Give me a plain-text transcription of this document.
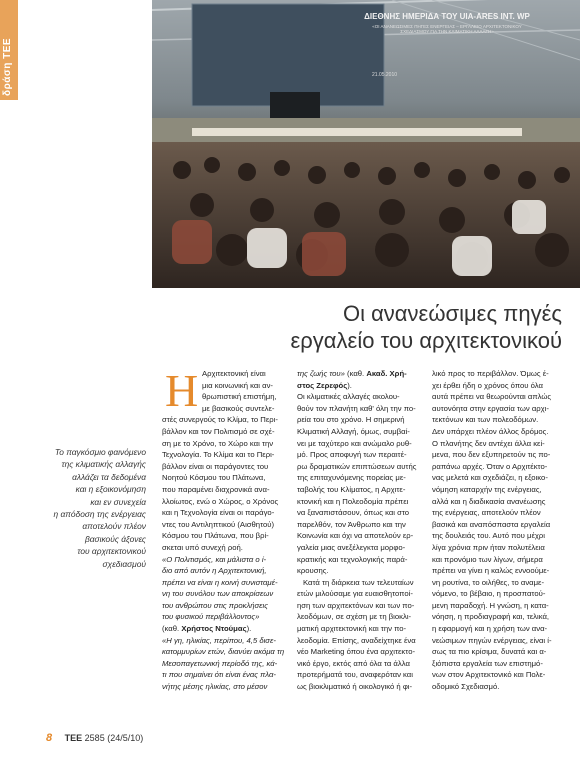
δράση ΤΕΕ
ΔΙΕΘΝΗΣ ΗΜΕΡΙΔΑ ΤΟΥ UIA-ARES INT. WP
«ΟΙ ΑΝΑΝΕΩΣΙΜΕΣ ΠΗΓΕΣ ΕΝΕΡΓΕΙΑΣ – ΕΡΓΑΛΕΙΟ ΑΡΧΙΤΕΚΤΟΝΙΚΟΥ ΣΧΕΔΙΑΣΜΟΥ ΓΙΑ ΤΗΝ ΚΛΙΜΑΤΙΚΗ ΑΛΛΑΓΗ»
21.05.2010
Οι ανανεώσιμες πηγές
εργαλείο του αρχιτεκτονικού
Το παγκόσμιο φαινόμενο
της κλιματικής αλλαγής
αλλάζει τα δεδομένα
και η εξοικονόμηση
και εν συνεχεία
η απόδοση της ενέργειας
αποτελούν πλέον
βασικούς άξονες
του αρχιτεκτονικού
σχεδιασμού
Η Αρχιτεκτονική είναι
μια κοινωνική και αν-
θρωπιστική επιστήμη,
με βασικούς συντελε-
στές συνεργούς το Κλίμα, το Περι-
βάλλον και τον Πολιτισμό σε σχέ-
ση με το Χρόνο, το Χώρο και την
Τεχνολογία. Το Κλίμα και το Περι-
βάλλον είναι οι παράγοντες του
Νοητού Κόσμου του Πλάτωνα,
που παραμένει διαχρονικά ανα-
λλοίωτος, ενώ ο Χώρος, ο Χρόνος
και η Τεχνολογία είναι οι παράγο-
ντες του Αντιληπτικού (Αισθητού)
Κόσμου του Πλάτωνα, που βρί-
σκεται υπό συνεχή ροή.
«Ο Πολιτισμός, και μάλιστα ο ί-
διο από αυτόν η Αρχιτεκτονική,
πρέπει να είναι η κοινή συνισταμέ-
νη του συνόλου των αποκρίσεων
του ανθρώπου στις προκλήσεις
του φυσικού περιβάλλοντος»
(καθ. Χρήστος Ντούμας).
«Η γη, ηλικίας, περίπου, 4,5 δισε-
κατομμυρίων ετών, διανύει ακόμα τη
Μεσοπαγετωνική περίοδό της, κά-
τι που σημαίνει ότι είναι ένας πλα-
νήτης μέσης ηλικίας, στο μέσον
της ζωής του» (καθ. Ακαδ. Χρή-
στος Ζερεφός).
Οι κλιματικές αλλαγές ακολου-
θούν τον πλανήτη καθ' όλη την πο-
ρεία του στο χρόνο. Η σημερινή
Κλιματική Αλλαγή, όμως, συμβαί-
νει με ταχύτερο και ανώμαλο ρυθ-
μό. Προς αποφυγή των περαιτέ-
ρω δραματικών επιπτώσεων αυτής
της επιταχυνόμενης πορείας με-
ταβολής του Κλίματος, η Αρχιτε-
κτονική και η Πολεοδομία πρέπει
να ξαναπιστάσουν, όπως και στο
παρελθόν, τον Άνθρωπο και την
Κοινωνία και όχι να αποτελούν ερ-
γαλεία μιας ανεξέλεγκτα μορφο-
κρατικής και τεχνολογικής παρά-
κρουσης.
Κατά τη διάρκεια των τελευταίων
ετών μιλούσαμε για ευαισθητοποί-
ηση των αρχιτεκτόνων και των πο-
λεοδόμων, σε σχέση με τη βιοκλι-
ματική αρχιτεκτονική και την πο-
λεοδομία. Επίσης, αναδείχτηκε ένα
νέο Marketing όπου ένα αρχιτεκτο-
νικό έργο, εκτός από όλα τα άλλα
προτερήματά του, αναφερόταν και
ως βιοκλιματικό ή οικολογικό ή φι-
λικό προς το περιβάλλον. Όμως έ-
χει έρθει ήδη ο χρόνος όπου όλα
αυτά πρέπει να θεωρούνται απλώς
αυτονόητα στην εργασία των αρχι-
τεκτόνων και των πολεοδόμων.
Δεν υπάρχει πλέον άλλος δρόμος.
Ο πλανήτης δεν αντέχει άλλα κεί-
μενα, που δεν εξυπηρετούν τις πο-
ραπάνω αρχές. Όταν ο Αρχιτέκτο-
νας μελετά και σχεδιάζει, η εξοικο-
νόμηση καταρχήν της ενέργειας,
αλλά και η διαδικασία ανανέωσης
της ενέργειας, αποτελούν πλέον
βασικά και αναπόσπαστα εργαλεία
της δουλειάς του. Αυτό που μέχρι
λίγα χρόνια πριν ήταν πολυτέλεια
και προνόμιο των λίγων, σήμερα
πρέπει να γίνει η καλώς εννοούμε-
νη ρουτίνα, το οιλήθες, το αναμε-
νόμενο, το βέβαιο, η προσπατού-
μενη παραδοχή. Η γνώση, η κατα-
νόηση, η προδιαγραφή και, τελικά,
η εφαρμογή και η χρήση των ανα-
νεώσιμων πηγών ενέργειας, είναι ί-
σως τα πιο κρίσιμα, δυνατά και α-
ξιόπιστα εργαλεία των επιστημό-
νων στον Αρχιτεκτονικό και Πολε-
οδομικό Σχεδιασμό.
8 ΤΕΕ 2585 (24/5/10)
